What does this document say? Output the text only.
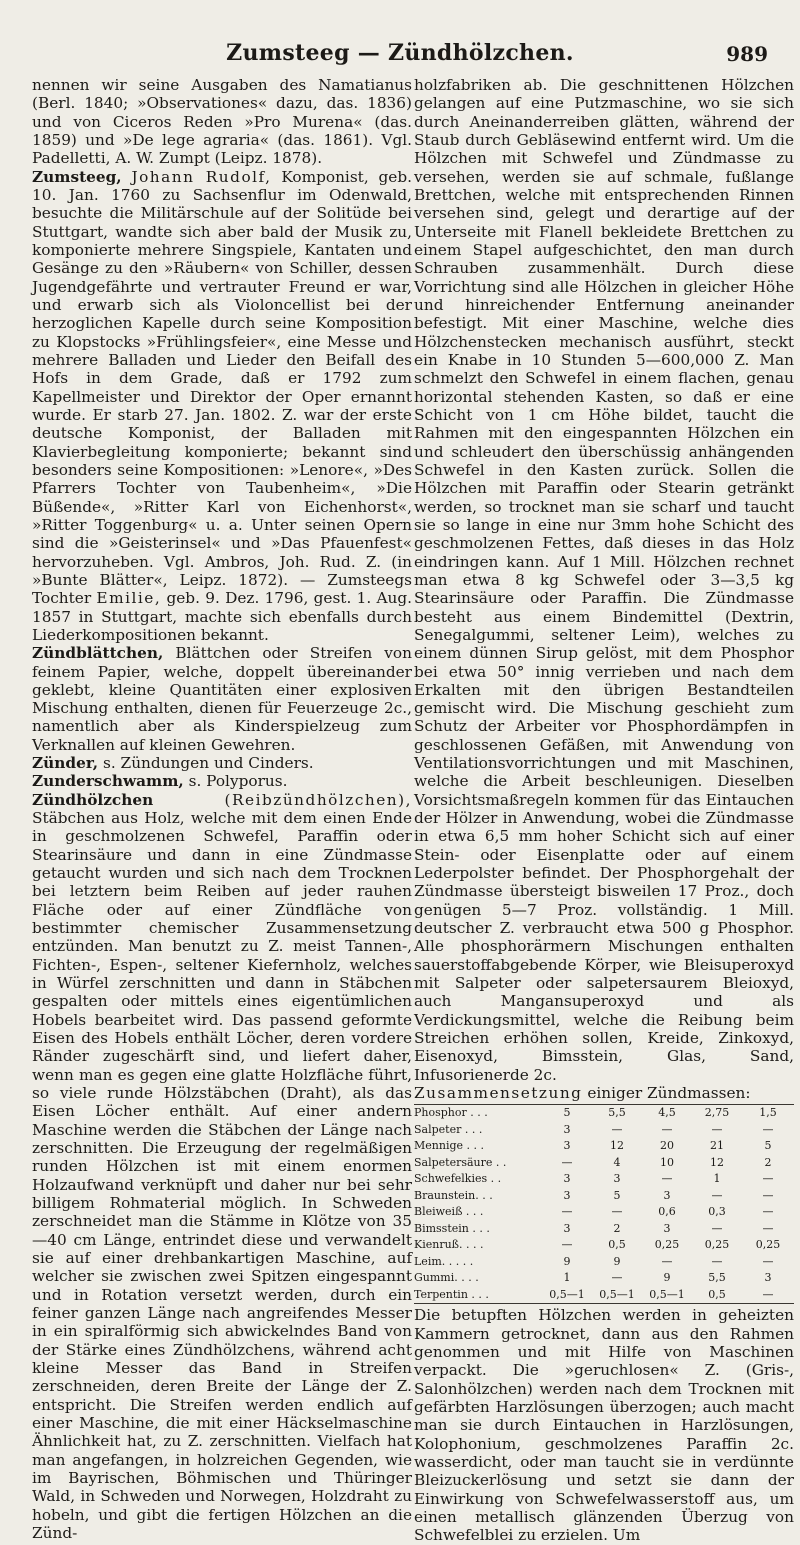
Zumsteeg — Zündhölzchen.	989

nennen wir seine Ausgaben des Namatianus (Berl. 1840; »Observationes« dazu, das. 1836) und von Ciceros Reden »Pro Murena« (das. 1859) und »De lege agraria« (das. 1861). Vgl. Padelletti, A. W. Zumpt (Leipz. 1878).

Zumsteeg, Johann Rudolf, Komponist, geb. 10. Jan. 1760 zu Sachsenflur im Odenwald, besuchte die Militärschule auf der Solitüde bei Stuttgart, wandte sich aber bald der Musik zu, komponierte mehrere Singspiele, Kantaten und Gesänge zu den »Räubern« von Schiller, dessen Jugendgefährte und vertrauter Freund er war, und erwarb sich als Violoncellist bei der herzoglichen Kapelle durch seine Komposition zu Klopstocks »Frühlingsfeier«, eine Messe und mehrere Balladen und Lieder den Beifall des Hofs in dem Grade, daß er 1792 zum Kapellmeister und Direktor der Oper ernannt wurde. Er starb 27. Jan. 1802. Z. war der erste deutsche Komponist, der Balladen mit Klavierbegleitung komponierte; bekannt sind besonders seine Kompositionen: »Lenore«, »Des Pfarrers Tochter von Taubenheim«, »Die Büßende«, »Ritter Karl von Eichenhorst«, »Ritter Toggenburg« u. a. Unter seinen Opern sind die »Geisterinsel« und »Das Pfauenfest« hervorzuheben. Vgl. Ambros, Joh. Rud. Z. (in »Bunte Blätter«, Leipz. 1872). — Zumsteegs Tochter Emilie, geb. 9. Dez. 1796, gest. 1. Aug. 1857 in Stuttgart, machte sich ebenfalls durch Liederkompositionen bekannt.

Zündblättchen, Blättchen oder Streifen von feinem Papier, welche, doppelt übereinander geklebt, kleine Quantitäten einer explosiven Mischung enthalten, dienen für Feuerzeuge 2c., namentlich aber als Kinderspielzeug zum Verknallen auf kleinen Gewehren.

Zünder, s. Zündungen und Cinders.

Zunderschwamm, s. Polyporus.

Zündhölzchen	(Reibzündhölzchen), Stäbchen aus Holz, welche mit dem einen Ende in geschmolzenen Schwefel, Paraffin oder Stearinsäure und dann in eine Zündmasse getaucht wurden und sich nach dem Trocknen bei letztern beim Reiben auf jeder rauhen Fläche oder auf einer Zündfläche von bestimmter chemischer Zusammensetzung entzünden. Man benutzt zu Z. meist Tannen-, Fichten-, Espen-, seltener Kiefernholz, welches in Würfel zerschnitten und dann in Stäbchen gespalten oder mittels eines eigentümlichen Hobels bearbeitet wird. Das passend geformte Eisen des Hobels enthält Löcher, deren vordere Ränder zugeschärft sind, und liefert daher, wenn man es gegen eine glatte Holzfläche führt, so viele runde Hölzstäbchen (Draht), als das Eisen Löcher enthält. Auf einer andern Maschine werden die Stäbchen der Länge nach zerschnitten. Die Erzeugung der regelmäßigen runden Hölzchen ist mit einem enormen Holzaufwand verknüpft und daher nur bei sehr billigem Rohmaterial möglich. In Schweden zerschneidet man die Stämme in Klötze von 35—40 cm Länge, entrindet diese und verwandelt sie auf einer drehbankartigen Maschine, auf welcher sie zwischen zwei Spitzen eingespannt und in Rotation versetzt werden, durch ein feiner ganzen Länge nach angreifendes Messer in ein spiralförmig sich abwickelndes Band von der Stärke eines Zündhölzchens, während acht kleine Messer das Band in Streifen zerschneiden, deren Breite der Länge der Z. entspricht. Die Streifen werden endlich auf einer Maschine, die mit einer Häckselmaschine Ähnlichkeit hat, zu Z. zerschnitten. Vielfach hat man angefangen, in holzreichen Gegenden, wie im Bayrischen, Böhmischen und Thüringer Wald, in Schweden und Norwegen, Holzdraht zu hobeln, und gibt die fertigen Hölzchen an die Zünd-

holzfabriken ab. Die geschnittenen Hölzchen gelangen auf eine Putzmaschine, wo sie sich durch Aneinanderreiben glätten, während der Staub durch Gebläsewind entfernt wird. Um die Hölzchen mit Schwefel und Zündmasse zu versehen, werden sie auf schmale, fußlange Brettchen, welche mit entsprechenden Rinnen versehen sind, gelegt und derartige auf der Unterseite mit Flanell bekleidete Brettchen zu einem Stapel aufgeschichtet, den man durch Schrauben zusammenhält. Durch diese Vorrichtung sind alle Hölzchen in gleicher Höhe und hinreichender Entfernung aneinander befestigt. Mit einer Maschine, welche dies Hölzchenstecken mechanisch ausführt, steckt ein Knabe in 10 Stunden 5—600,000 Z. Man schmelzt den Schwefel in einem flachen, genau horizontal stehenden Kasten, so daß er eine Schicht von 1 cm Höhe bildet, taucht die Rahmen mit den eingespannten Hölzchen ein und schleudert den überschüssig anhängenden Schwefel in den Kasten zurück. Sollen die Hölzchen mit Paraffin oder Stearin getränkt werden, so trocknet man sie scharf und taucht sie so lange in eine nur 3mm hohe Schicht des geschmolzenen Fettes, daß dieses in das Holz eindringen kann. Auf 1 Mill. Hölzchen rechnet man etwa 8 kg Schwefel oder 3—3,5 kg Stearinsäure oder Paraffin. Die Zündmasse besteht aus einem Bindemittel (Dextrin, Senegalgummi, seltener Leim), welches zu einem dünnen Sirup gelöst, mit dem Phosphor bei etwa 50° innig verrieben und nach dem Erkalten mit den übrigen Bestandteilen gemischt wird. Die Mischung geschieht zum Schutz der Arbeiter vor Phosphordämpfen in geschlossenen Gefäßen, mit Anwendung von Ventilationsvorrichtungen und mit Maschinen, welche die Arbeit beschleunigen. Dieselben Vorsichtsmaßregeln kommen für das Eintauchen der Hölzer in Anwendung, wobei die Zündmasse in etwa 6,5 mm hoher Schicht sich auf einer Stein- oder Eisenplatte oder auf einem Lederpolster befindet. Der Phosphorgehalt der Zündmasse übersteigt bisweilen 17 Proz., doch genügen 5—7 Proz. vollständig. 1 Mill. deutscher Z. verbraucht etwa 500 g Phosphor. Alle phosphorärmern Mischungen enthalten sauerstoffabgebende Körper, wie Bleisuperoxyd mit Salpeter oder salpetersaurem Bleioxyd, auch Mangansuperoxyd und als Verdickungsmittel, welche die Reibung beim Streichen erhöhen sollen, Kreide, Zinkoxyd, Eisenoxyd, Bimsstein, Glas, Sand, Infusorienerde 2c.

Zusammensetzung einiger Zündmassen:

Phosphor . . .	5	5,5	4,5	2,75	1,5
Salpeter . . .	3	—	—	—	—
Mennige . . .	3	12	20	21	5
Salpetersäure . .	—	4	10	12	2
Schwefelkies . .	3	3	—	1	—
Braunstein. . .	3	5	3	—	—
Bleiweiß . . .	—	—	0,6	0,3	—
Bimsstein . . .	3	2	3	—	—
Kienruß. . . .	—	0,5	0,25	0,25	0,25
Leim. . . . .	9	9	—	—	—
Gummi. . . .	1	—	9	5,5	3
Terpentin . . .	0,5—1	0,5—1	0,5—1	0,5	—

Die betupften Hölzchen werden in geheizten Kammern getrocknet, dann aus den Rahmen genommen und mit Hilfe von Maschinen verpackt. Die »geruchlosen« Z. (Gris-, Salonhölzchen) werden nach dem Trocknen mit gefärbten Harzlösungen überzogen; auch macht man sie durch Eintauchen in Harzlösungen, Kolophonium, geschmolzenes Paraffin 2c. wasserdicht, oder man taucht sie in verdünnte Bleizuckerlösung und setzt sie dann der Einwirkung von Schwefelwasserstoff aus, um einen metallisch glänzenden Überzug von Schwefelblei zu erzielen. Um
